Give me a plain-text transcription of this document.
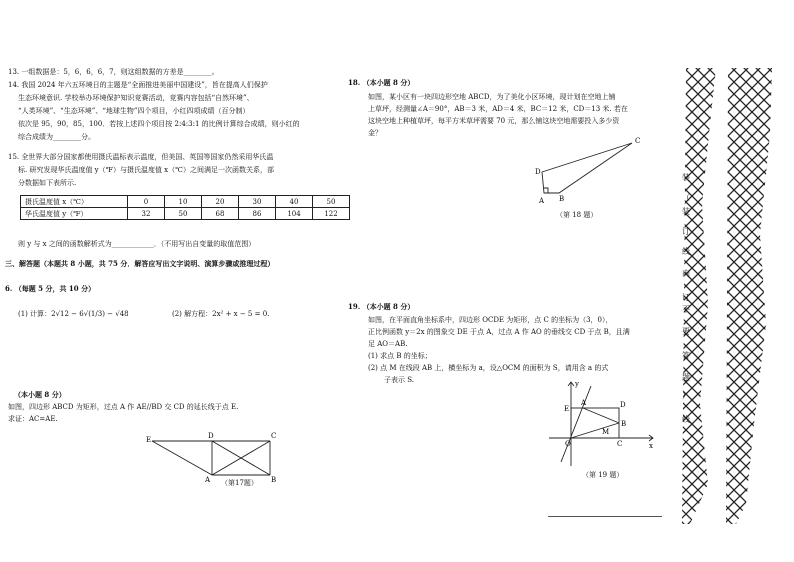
13. 一组数据是：5，6，6，6，7，则这组数据的方差是________。
14. 我国 2024 年六五环境日的主题是“全面推进美丽中国建设”，旨在提高人们保护
生态环境意识. 学校举办环境保护知识竞赛活动，竞赛内容包括“自然环境”、
“人类环境”、“生态环境”、“地球生物”四个项目，小红四项成绩（百分制）
依次是 95，90，85，100．若按上述四个项目按 2:4:3:1 的比例计算综合成绩，则小红的
综合成绩为________分。
15. 全世界大部分国家都使用摄氏温标表示温度，但美国、英国等国家仍然采用华氏温
标. 研究发现华氏温度值 y（℉）与摄氏温度值 x（℃）之间满足一次函数关系，部
分数据如下表所示.
摄氏温度值 x（℃）	0	10	20	30	40	50
华氏温度值 y（℉）	32	50	68	86	104	122
则 y 与 x 之间的函数解析式为____________．（不用写出自变量的取值范围）
三、解答题（本题共 8 小题，共 75 分．解答应写出文字说明、演算步骤或推理过程）
6. （每题 5 分，共 10 分）
(1) 计算：2√12 − 6√(1/3) − √48	(2) 解方程：2x² + x − 5 = 0.
（本小题 8 分）
如图，四边形 ABCD 为矩形，过点 A 作 AE//BD 交 CD 的延长线于点 E.
求证：AC=AE.
E	D	C
A	B
（第17题）
18. （本小题 8 分）
如图，某小区有一块四边形空地 ABCD，为了美化小区环境，现计划在空地上铺
上草坪，经测量∠A＝90°，AB＝3 米，AD＝4 米，BC＝12 米，CD＝13 米. 若在
这块空地上种植草坪，每平方米草坪需要 70 元，那么铺这块空地需要投入多少资
金？
C
D
A B
（第 18 题）
19. （本小题 8 分）
如图，在平面直角坐标系中，四边形 OCDE 为矩形，点 C 的坐标为（3，0），
正比例函数 y＝2x 的图象交 DE 于点 A，过点 A 作 AO 的垂线交 CD 于点 B，且满
足 AO＝AB.
(1) 求点 B 的坐标；
(2) 点 M 在线段 AB 上，横坐标为 a，设△OCM 的面积为 S，请用含 a 的式
子表示 S.	y
x
O	C
E
A	D
B
M
（第 19 题）
装
（
装
订
线
内
订
不
要
答
题
）
线
